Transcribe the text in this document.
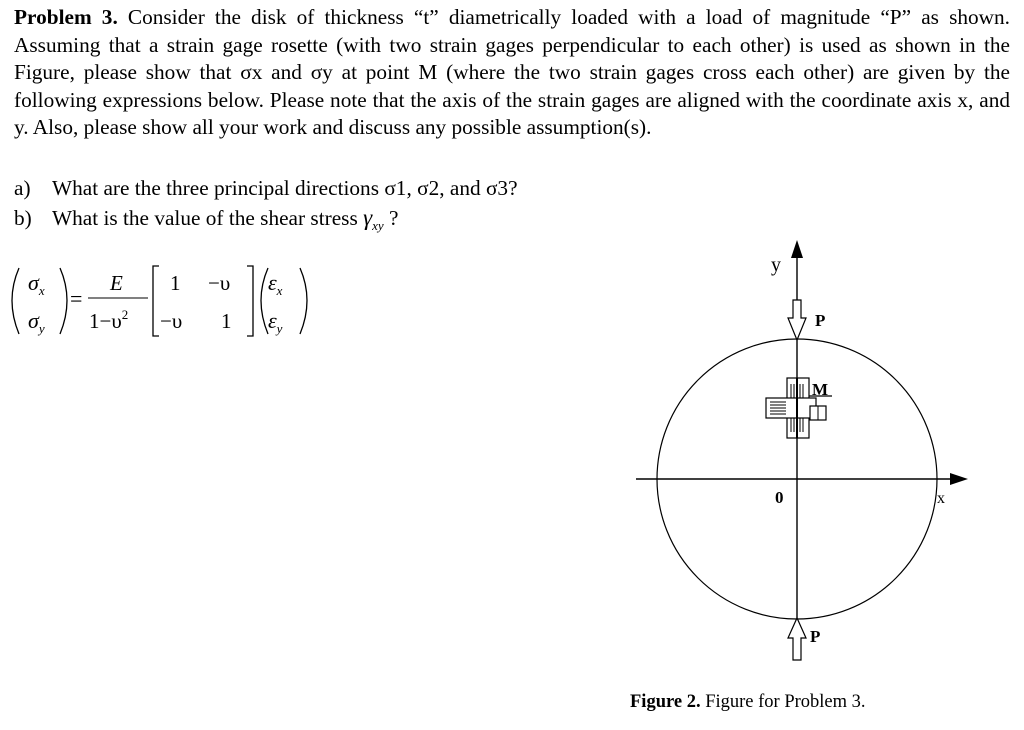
Problem 3. Consider the disk of thickness “t” diametrically loaded with a load of magnitude “P” as shown. Assuming that a strain gage rosette (with two strain gages perpendicular to each other) is used as shown in the Figure, please show that σx and σy at point M (where the two strain gages cross each other) are given by the following expressions below. Please note that the axis of the strain gages are aligned with the coordinate axis x, and y. Also, please show all your work and discuss any possible assumption(s).
a) What are the three principal directions σ1, σ2, and σ3?
b) What is the value of the shear stress $\gamma_{xy}$ ?
$\sigma_x$
$\sigma_y$
=
E
$1-\upsilon^2$
1 −υ
−υ 1
$\varepsilon_x$
$\varepsilon_y$
y
x
0
P
P
M
Figure 2. Figure for Problem 3.
